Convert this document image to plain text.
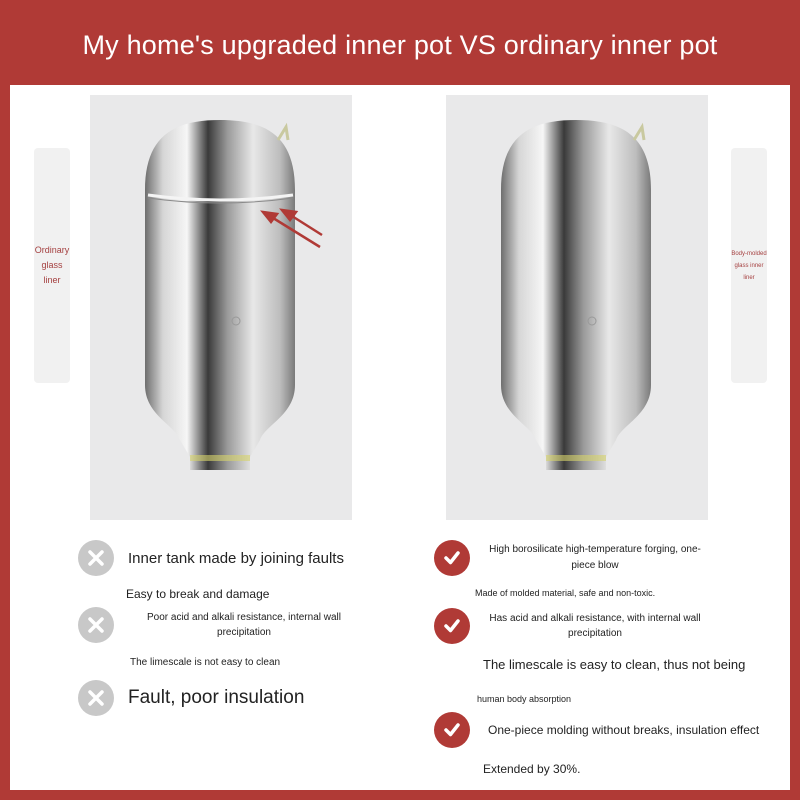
My home's upgraded inner pot VS ordinary inner pot
Ordinary glass liner
Body-molded glass inner liner
Inner tank made by joining faults
Easy to break and damage
Poor acid and alkali resistance, internal wall precipitation
The limescale is not easy to clean
Fault, poor insulation
High borosilicate high-temperature forging, one-piece blow
Made of molded material, safe and non-toxic.
Has acid and alkali resistance, with internal wall precipitation
The limescale is easy to clean, thus not being
human body absorption
One-piece molding without breaks, insulation effect
Extended by 30%.
